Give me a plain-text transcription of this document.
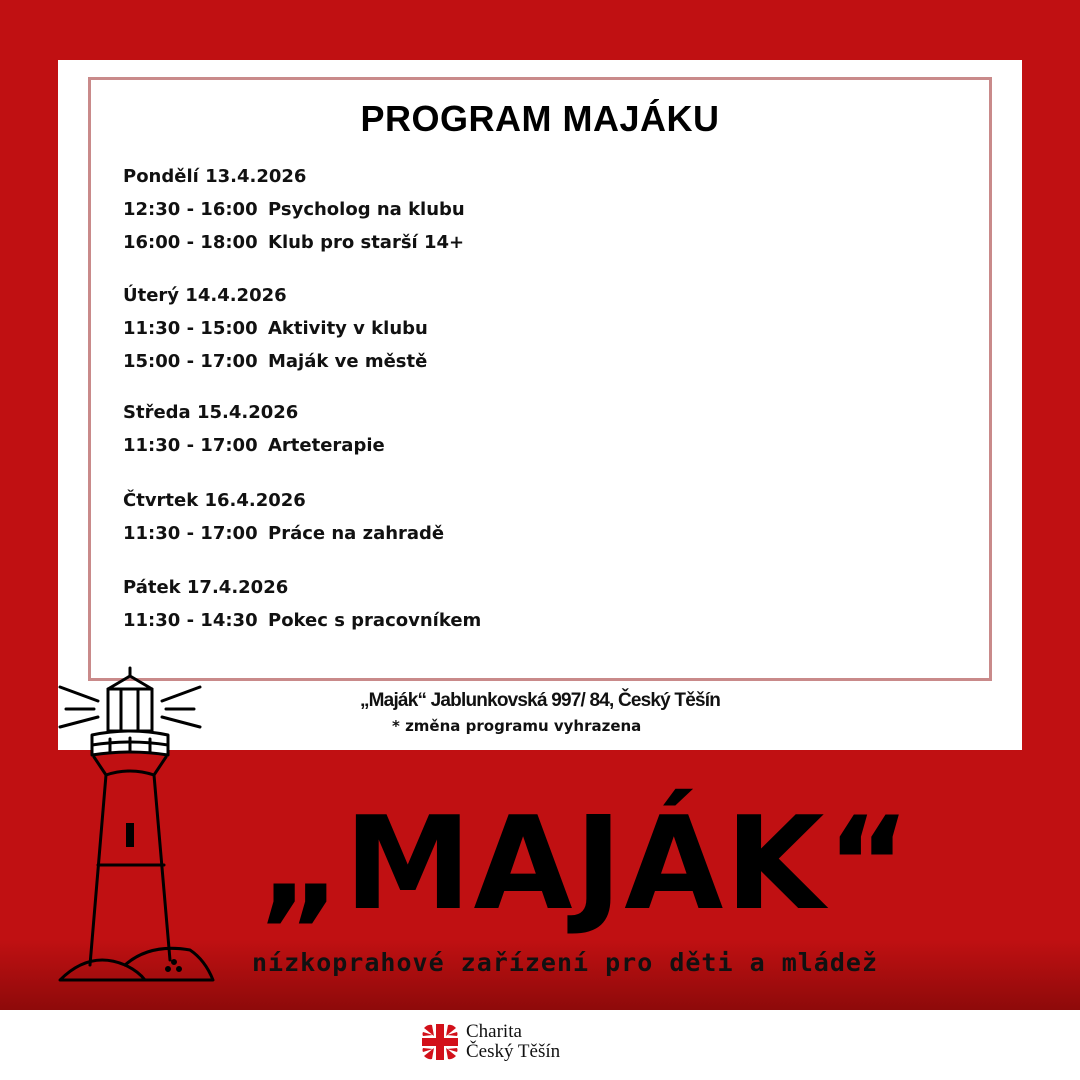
PROGRAM MAJÁKU
Pondělí 13.4.2026
12:30 - 16:00 Psycholog na klubu
16:00 - 18:00 Klub pro starší 14+
Úterý 14.4.2026
11:30 - 15:00 Aktivity v klubu
15:00 - 17:00 Maják ve městě
Středa 15.4.2026
11:30 - 17:00 Arteterapie
Čtvrtek 16.4.2026
11:30 - 17:00 Práce na zahradě
Pátek 17.4.2026
11:30 - 14:30 Pokec s pracovníkem
„Maják“ Jablunkovská 997/ 84, Český Těšín
* změna programu vyhrazena
„MAJÁK“
nízkoprahové zařízení pro děti a mládež
Charita
Český Těšín
